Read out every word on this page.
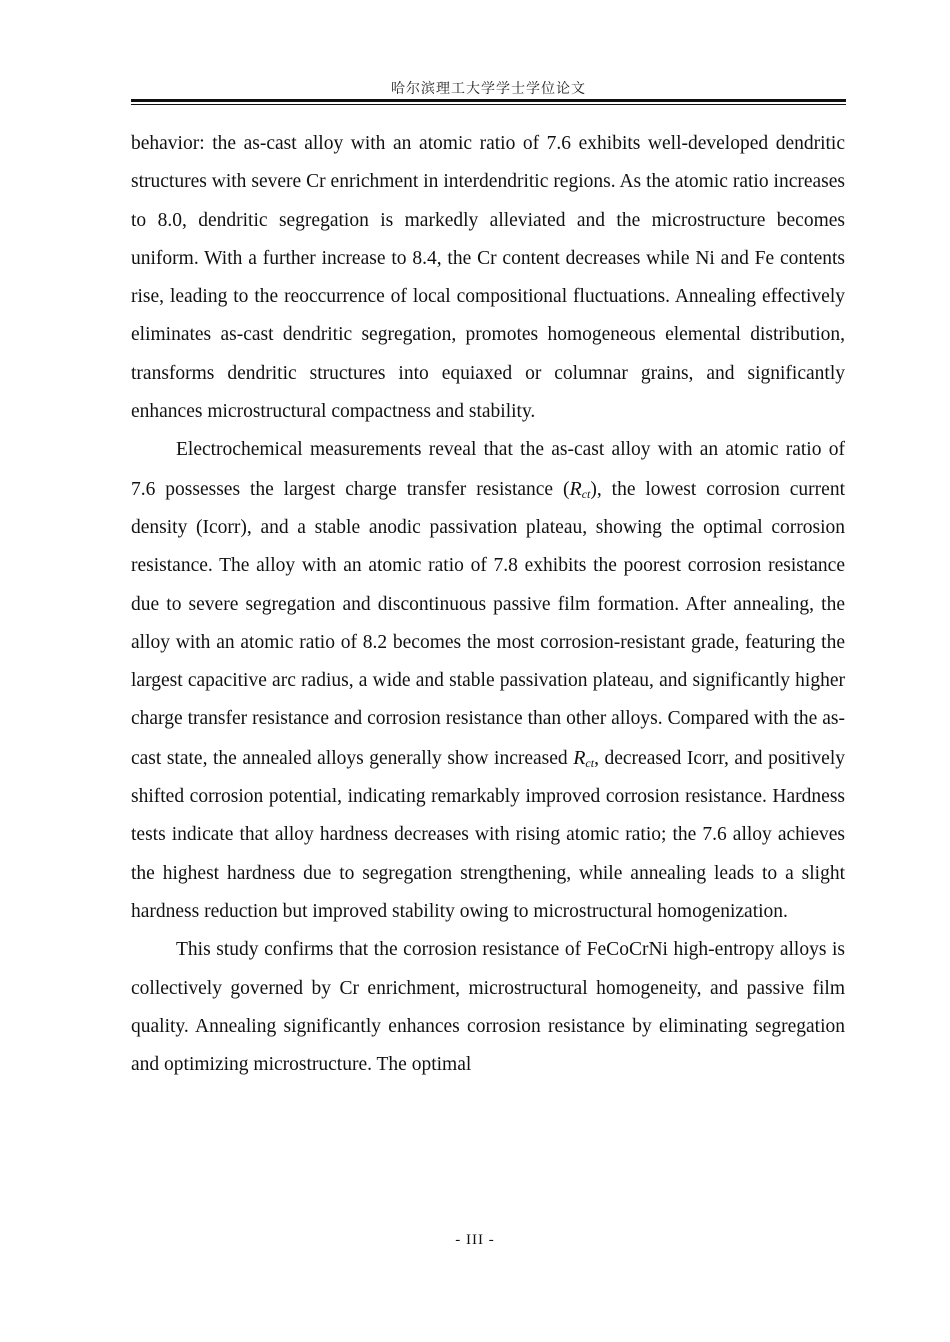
哈尔滨理工大学学士学位论文

behavior: the as-cast alloy with an atomic ratio of 7.6 exhibits well-developed dendritic structures with severe Cr enrichment in interdendritic regions. As the atomic ratio increases to 8.0, dendritic segregation is markedly alleviated and the microstructure becomes uniform. With a further increase to 8.4, the Cr content decreases while Ni and Fe contents rise, leading to the reoccurrence of local compositional fluctuations. Annealing effectively eliminates as-cast dendritic segregation, promotes homogeneous elemental distribution, transforms dendritic structures into equiaxed or columnar grains, and significantly enhances microstructural compactness and stability.

Electrochemical measurements reveal that the as-cast alloy with an atomic ratio of 7.6 possesses the largest charge transfer resistance $(R_{ct})$, the lowest corrosion current density (Icorr), and a stable anodic passivation plateau, showing the optimal corrosion resistance. The alloy with an atomic ratio of 7.8 exhibits the poorest corrosion resistance due to severe segregation and discontinuous passive film formation. After annealing, the alloy with an atomic ratio of 8.2 becomes the most corrosion-resistant grade, featuring the largest capacitive arc radius, a wide and stable passivation plateau, and significantly higher charge transfer resistance and corrosion resistance than other alloys. Compared with the as-cast state, the annealed alloys generally show increased $R_{ct}$, decreased Icorr, and positively shifted corrosion potential, indicating remarkably improved corrosion resistance. Hardness tests indicate that alloy hardness decreases with rising atomic ratio; the 7.6 alloy achieves the highest hardness due to segregation strengthening, while annealing leads to a slight hardness reduction but improved stability owing to microstructural homogenization.

This study confirms that the corrosion resistance of FeCoCrNi high-entropy alloys is collectively governed by Cr enrichment, microstructural homogeneity, and passive film quality. Annealing significantly enhances corrosion resistance by eliminating segregation and optimizing microstructure. The optimal

- III -
